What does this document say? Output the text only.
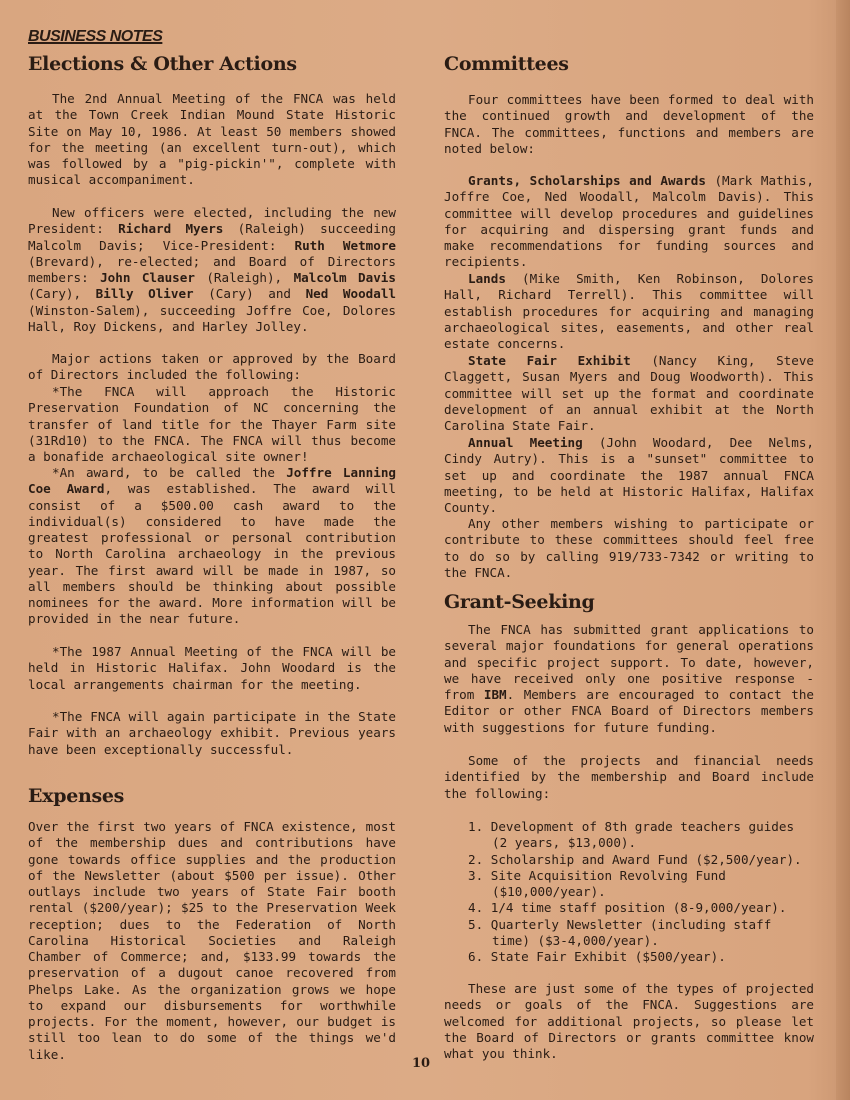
BUSINESS NOTES
Elections & Other Actions

The 2nd Annual Meeting of the FNCA was held at the Town Creek Indian Mound State Historic Site on May 10, 1986. At least 50 members showed for the meeting (an excellent turn-out), which was followed by a "pig-pickin'", complete with musical accompaniment.

New officers were elected, including the new President: Richard Myers (Raleigh) succeeding Malcolm Davis; Vice-President: Ruth Wetmore (Brevard), re-elected; and Board of Directors members: John Clauser (Raleigh), Malcolm Davis (Cary), Billy Oliver (Cary) and Ned Woodall (Winston-Salem), succeeding Joffre Coe, Dolores Hall, Roy Dickens, and Harley Jolley.

Major actions taken or approved by the Board of Directors included the following:

*The FNCA will approach the Historic Preservation Foundation of NC concerning the transfer of land title for the Thayer Farm site (31Rd10) to the FNCA. The FNCA will thus become a bonafide archaeological site owner!

*An award, to be called the Joffre Lanning Coe Award, was established. The award will consist of a $500.00 cash award to the individual(s) considered to have made the greatest professional or personal contribution to North Carolina archaeology in the previous year. The first award will be made in 1987, so all members should be thinking about possible nominees for the award. More information will be provided in the near future.

*The 1987 Annual Meeting of the FNCA will be held in Historic Halifax. John Woodard is the local arrangements chairman for the meeting.

*The FNCA will again participate in the State Fair with an archaeology exhibit. Previous years have been exceptionally successful.

Expenses

Over the first two years of FNCA existence, most of the membership dues and contributions have gone towards office supplies and the production of the Newsletter (about $500 per issue). Other outlays include two years of State Fair booth rental ($200/year); $25 to the Preservation Week reception; dues to the Federation of North Carolina Historical Societies and Raleigh Chamber of Commerce; and, $133.99 towards the preservation of a dugout canoe recovered from Phelps Lake. As the organization grows we hope to expand our disbursements for worthwhile projects. For the moment, however, our budget is still too lean to do some of the things we'd like.

Committees

Four committees have been formed to deal with the continued growth and development of the FNCA. The committees, functions and members are noted below:

Grants, Scholarships and Awards (Mark Mathis, Joffre Coe, Ned Woodall, Malcolm Davis). This committee will develop procedures and guidelines for acquiring and dispersing grant funds and make recommendations for funding sources and recipients.

Lands (Mike Smith, Ken Robinson, Dolores Hall, Richard Terrell). This committee will establish procedures for acquiring and managing archaeological sites, easements, and other real estate concerns.

State Fair Exhibit (Nancy King, Steve Claggett, Susan Myers and Doug Woodworth). This committee will set up the format and coordinate development of an annual exhibit at the North Carolina State Fair.

Annual Meeting (John Woodard, Dee Nelms, Cindy Autry). This is a "sunset" committee to set up and coordinate the 1987 annual FNCA meeting, to be held at Historic Halifax, Halifax County.

Any other members wishing to participate or contribute to these committees should feel free to do so by calling 919/733-7342 or writing to the FNCA.

Grant-Seeking

The FNCA has submitted grant applications to several major foundations for general operations and specific project support. To date, however, we have received only one positive response - from IBM. Members are encouraged to contact the Editor or other FNCA Board of Directors members with suggestions for future funding.

Some of the projects and financial needs identified by the membership and Board include the following:

1. Development of 8th grade teachers guides (2 years, $13,000).
2. Scholarship and Award Fund ($2,500/year).
3. Site Acquisition Revolving Fund ($10,000/year).
4. 1/4 time staff position (8-9,000/year).
5. Quarterly Newsletter (including staff time) ($3-4,000/year).
6. State Fair Exhibit ($500/year).

These are just some of the types of projected needs or goals of the FNCA. Suggestions are welcomed for additional projects, so please let the Board of Directors or grants committee know what you think.

10
